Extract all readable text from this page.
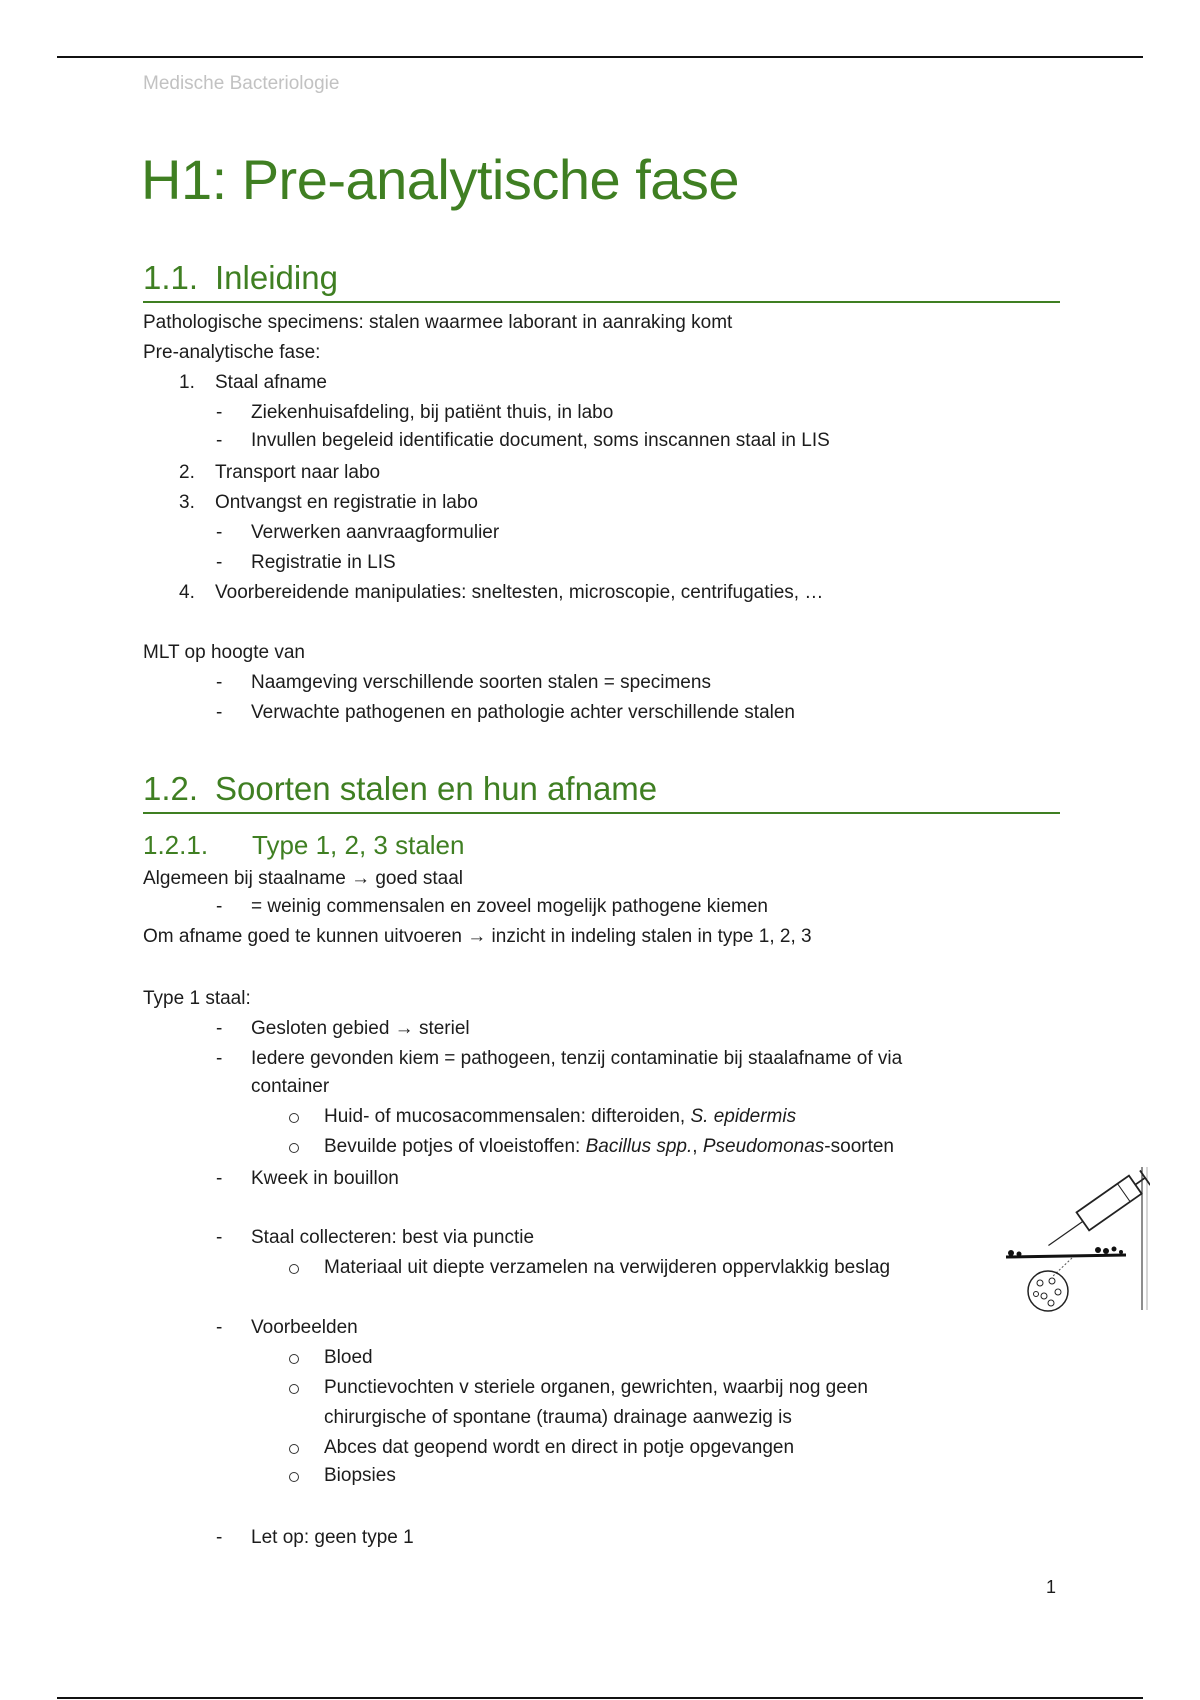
Medische Bacteriologie
H1: Pre-analytische fase
1.1. Inleiding
Pathologische specimens: stalen waarmee laborant in aanraking komt
Pre-analytische fase:
1. Staal afname
- Ziekenhuisafdeling, bij patiënt thuis, in labo
- Invullen begeleid identificatie document, soms inscannen staal in LIS
2. Transport naar labo
3. Ontvangst en registratie in labo
- Verwerken aanvraagformulier
- Registratie in LIS
4. Voorbereidende manipulaties: sneltesten, microscopie, centrifugaties, …
MLT op hoogte van
- Naamgeving verschillende soorten stalen = specimens
- Verwachte pathogenen en pathologie achter verschillende stalen
1.2. Soorten stalen en hun afname
1.2.1. Type 1, 2, 3 stalen
Algemeen bij staalname → goed staal
- = weinig commensalen en zoveel mogelijk pathogene kiemen
Om afname goed te kunnen uitvoeren → inzicht in indeling stalen in type 1, 2, 3
Type 1 staal:
- Gesloten gebied → steriel
- Iedere gevonden kiem = pathogeen, tenzij contaminatie bij staalafname of via
container
Huid- of mucosacommensalen: difteroiden, S. epidermis
Bevuilde potjes of vloeistoffen: Bacillus spp., Pseudomonas-soorten
- Kweek in bouillon
- Staal collecteren: best via punctie
Materiaal uit diepte verzamelen na verwijderen oppervlakkig beslag
- Voorbeelden
Bloed
Punctievochten v steriele organen, gewrichten, waarbij nog geen
chirurgische of spontane (trauma) drainage aanwezig is
Abces dat geopend wordt en direct in potje opgevangen
Biopsies
- Let op: geen type 1
1
